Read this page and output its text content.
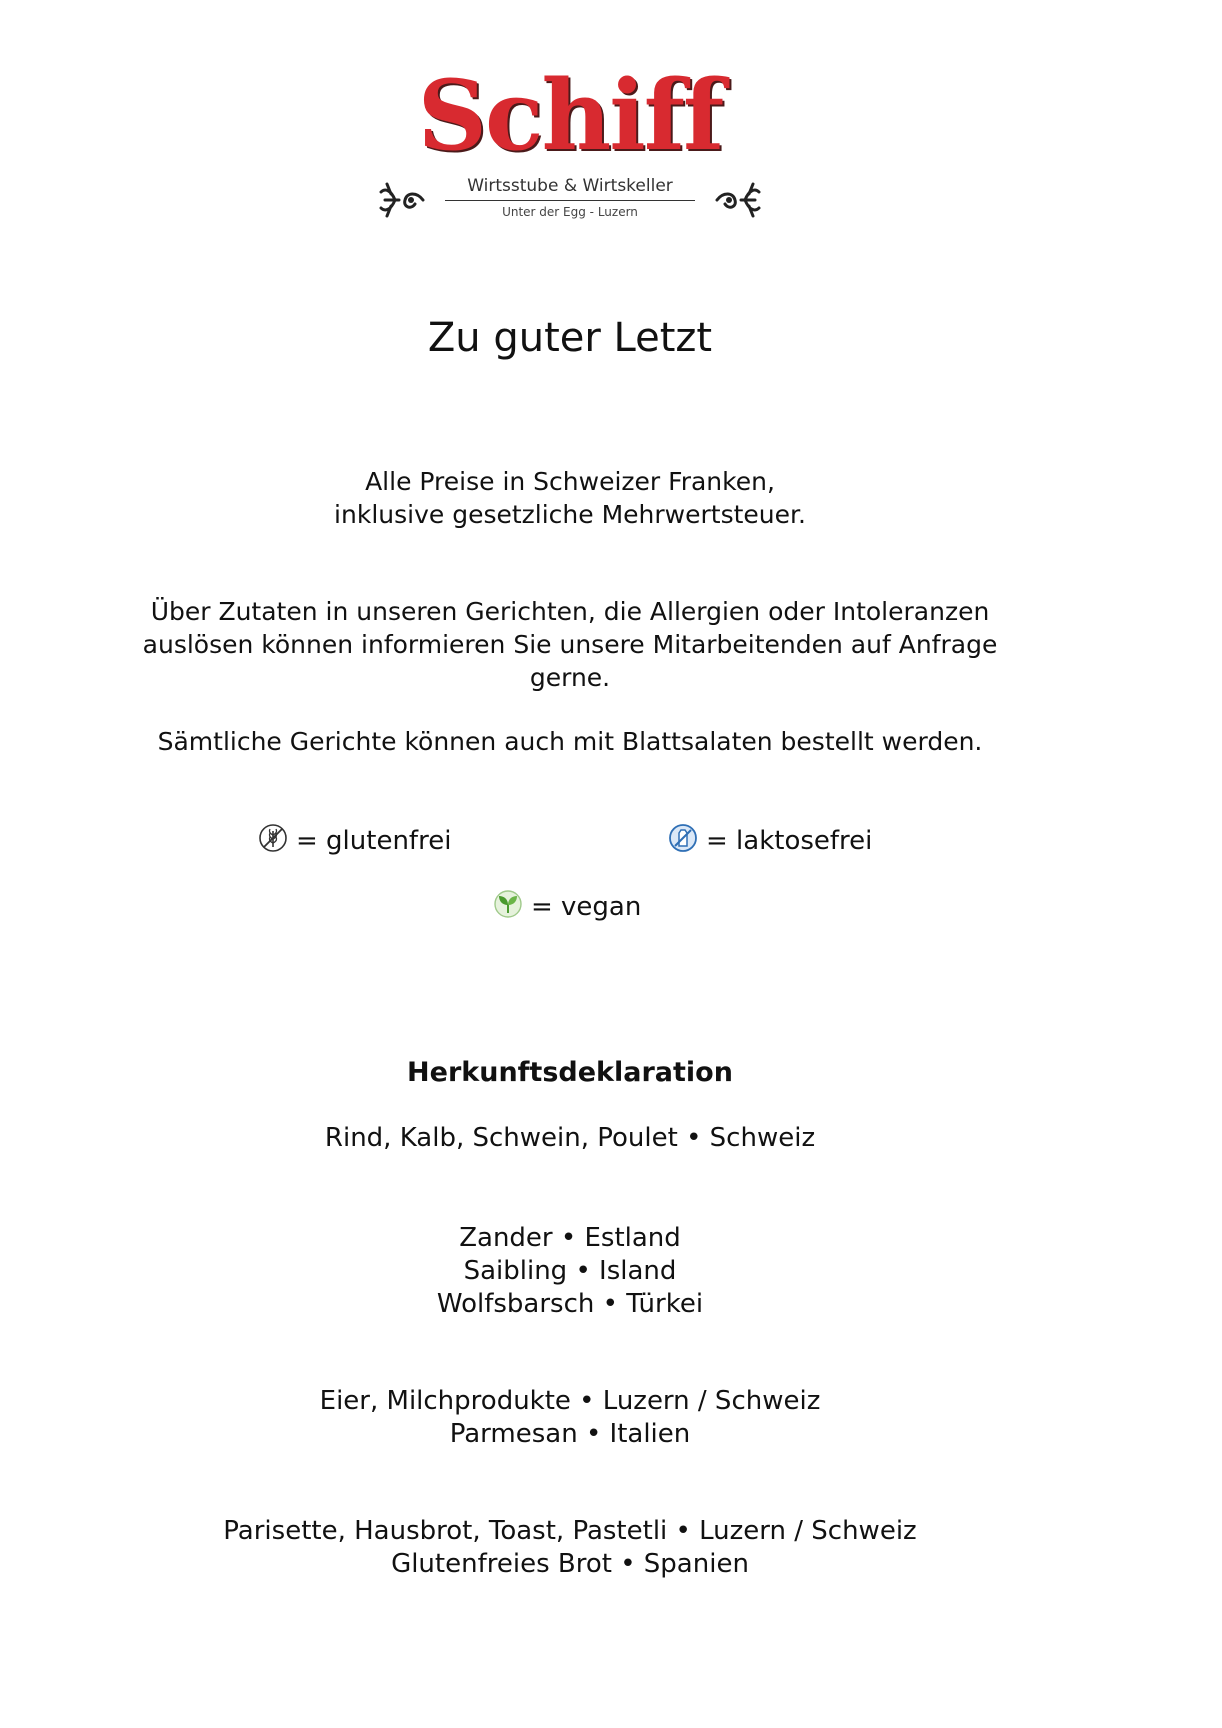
Schiff
Wirtsstube & Wirtskeller
Unter der Egg - Luzern
Zu guter Letzt
Alle Preise in Schweizer Franken,
inklusive gesetzliche Mehrwertsteuer.
Über Zutaten in unseren Gerichten, die Allergien oder Intoleranzen
auslösen können informieren Sie unsere Mitarbeitenden auf Anfrage
gerne.
Sämtliche Gerichte können auch mit Blattsalaten bestellt werden.
= glutenfrei	= laktosefrei
= vegan
Herkunftsdeklaration
Rind, Kalb, Schwein, Poulet • Schweiz
Zander • Estland
Saibling • Island
Wolfsbarsch • Türkei
Eier, Milchprodukte • Luzern / Schweiz
Parmesan • Italien
Parisette, Hausbrot, Toast, Pastetli • Luzern / Schweiz
Glutenfreies Brot • Spanien
